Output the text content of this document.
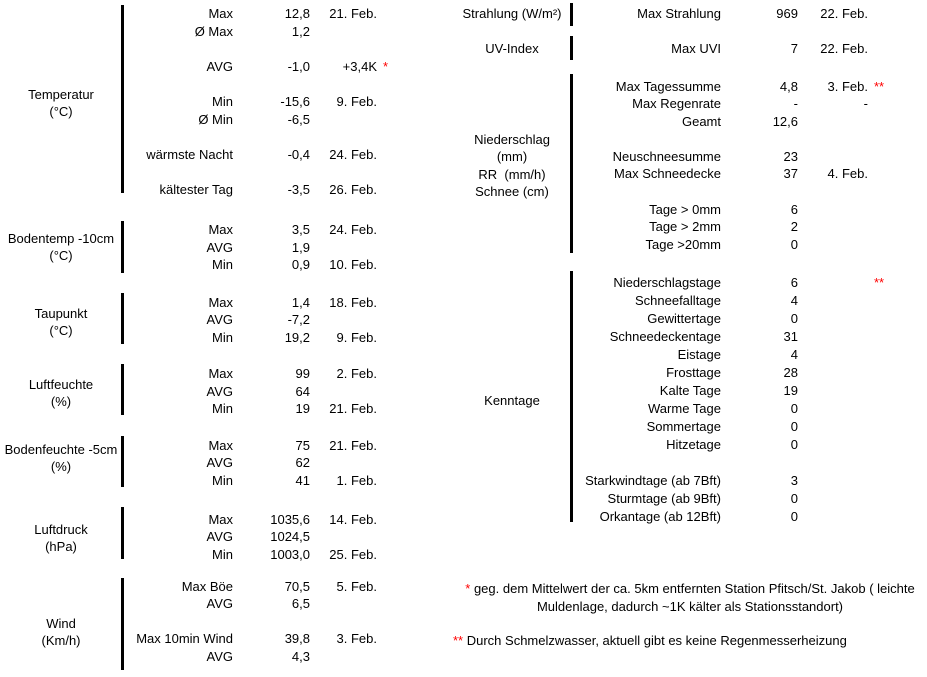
Temperatur
(°C)
Max	12,8	21. Feb.
Ø Max	1,2
AVG	-1,0	+3,4K *
Min	-15,6	9. Feb.
Ø Min	-6,5
wärmste Nacht	-0,4	24. Feb.
kältester Tag	-3,5	26. Feb.
Bodentemp -10cm
(°C)
Max	3,5	24. Feb.
AVG	1,9
Min	0,9	10. Feb.
Taupunkt
(°C)
Max	1,4	18. Feb.
AVG	-7,2
Min	19,2	9. Feb.
Luftfeuchte
(%)
Max	99	2. Feb.
AVG	64
Min	19	21. Feb.
Bodenfeuchte -5cm
(%)
Max	75	21. Feb.
AVG	62
Min	41	1. Feb.
Luftdruck
(hPa)
Max	1035,6	14. Feb.
AVG	1024,5
Min	1003,0	25. Feb.
Wind
(Km/h)
Max Böe	70,5	5. Feb.
AVG	6,5
Max 10min Wind	39,8	3. Feb.
AVG	4,3
Strahlung (W/m²)	Max Strahlung	969	22. Feb.
UV-Index	Max UVI	7	22. Feb.
Niederschlag
(mm)
RR  (mm/h)
Schnee (cm)
Max Tagessumme	4,8	3. Feb. **
Max Regenrate	-	-
Geamt	12,6
Neuschneesumme	23
Max Schneedecke	37	4. Feb.
Tage > 0mm	6
Tage > 2mm	2
Tage >20mm	0
Kenntage
Niederschlagstage	6	**
Schneefalltage	4
Gewittertage	0
Schneedeckentage	31
Eistage	4
Frosttage	28
Kalte Tage	19
Warme Tage	0
Sommertage	0
Hitzetage	0
Starkwindtage (ab 7Bft)	3
Sturmtage (ab 9Bft)	0
Orkantage (ab 12Bft)	0
* geg. dem Mittelwert der ca. 5km entfernten Station Pfitsch/St. Jakob ( leichte
Muldenlage, dadurch ~1K kälter als Stationsstandort)
** Durch Schmelzwasser, aktuell gibt es keine Regenmesserheizung
